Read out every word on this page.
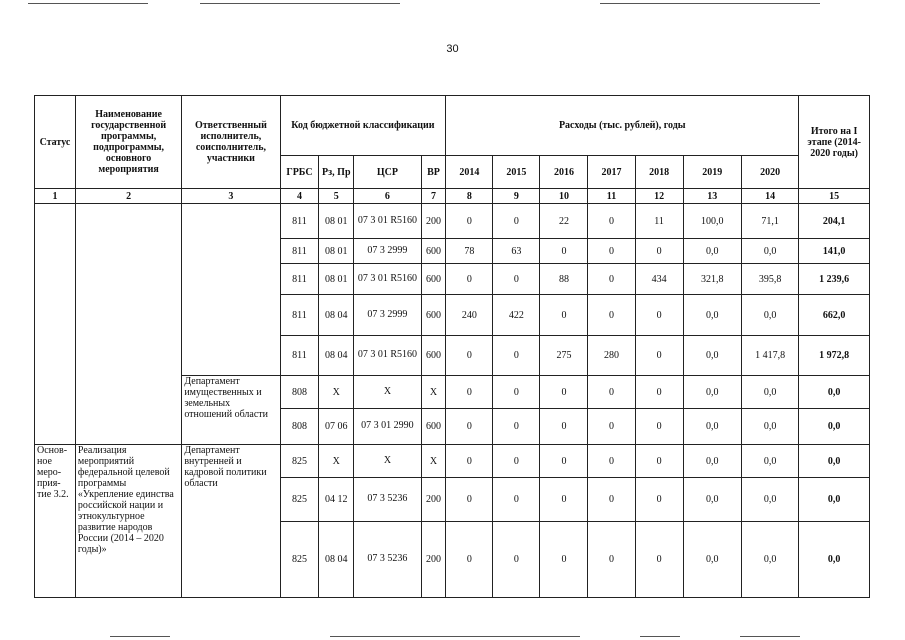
30
Статус	Наименование государственной программы, подпрограммы, основного мероприятия	Ответственный исполнитель, соисполнитель, участники	Код бюджетной классификации				Расходы (тыс. рублей), годы							Итого на I этапе (2014-2020 годы)
			ГРБС	Рз, Пр	ЦСР	ВР	2014	2015	2016	2017	2018	2019	2020	
1	2	3	4	5	6	7	8	9	10	11	12	13	14	15
			811	08 01	07 3 01 R5160	200	0	0	22	0	11	100,0	71,1	204,1
			811	08 01	07 3 2999	600	78	63	0	0	0	0,0	0,0	141,0
			811	08 01	07 3 01 R5160	600	0	0	88	0	434	321,8	395,8	1 239,6
			811	08 04	07 3 2999	600	240	422	0	0	0	0,0	0,0	662,0
			811	08 04	07 3 01 R5160	600	0	0	275	280	0	0,0	1 417,8	1 972,8
		Департамент имущественных и земельных отношений области	808	Х	Х	Х	0	0	0	0	0	0,0	0,0	0,0
			808	07 06	07 3 01 2990	600	0	0	0	0	0	0,0	0,0	0,0
Основ-ное меро-прия-тие 3.2.	Реализация мероприятий федеральной целевой программы «Укрепление единства российской нации и этнокультурное развитие народов России (2014 – 2020 годы)»	Департамент внутренней и кадровой политики области	825	Х	Х	Х	0	0	0	0	0	0,0	0,0	0,0
			825	04 12	07 3 5236	200	0	0	0	0	0	0,0	0,0	0,0
			825	08 04	07 3 5236	200	0	0	0	0	0	0,0	0,0	0,0
